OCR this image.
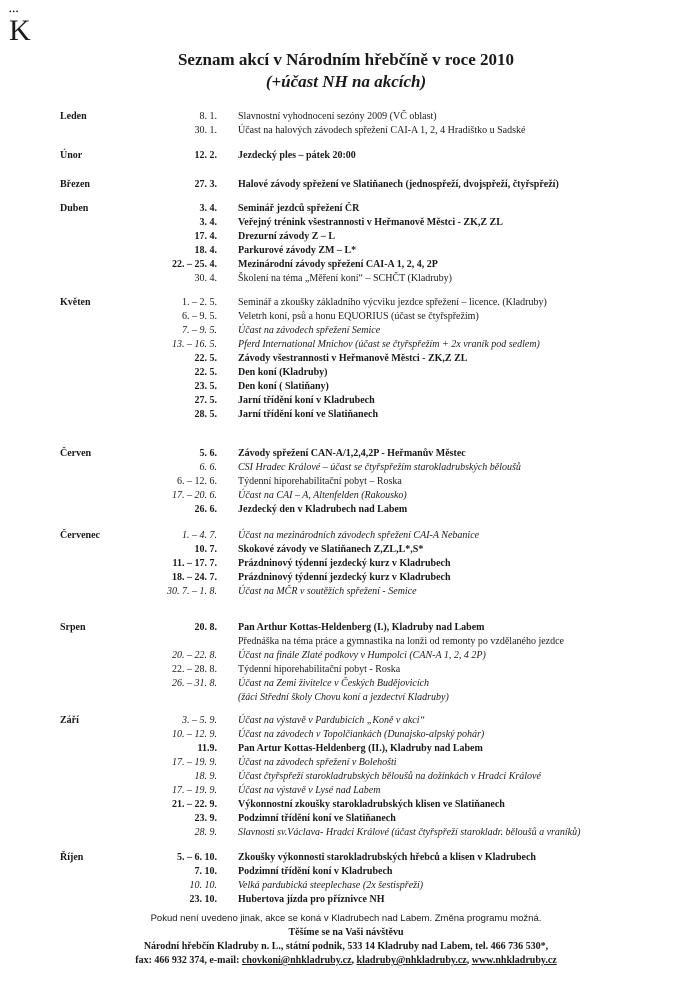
•••
K
Seznam akcí v Národním hřebčíně v roce 2010
(+účast NH na akcích)
Leden	8. 1. Slavnostní vyhodnocení sezóny 2009 (VČ oblast)
30. 1. Účast na halových závodech spřežení CAI-A 1, 2, 4 Hradištko u Sadské
Únor	12. 2. Jezdecký ples – pátek 20:00
Březen	27. 3. Halové závody spřežení ve Slatiňanech (jednospřeží, dvojspřeží, čtyřspřeží)
Duben	3. 4. Seminář jezdců spřežení ČR
3. 4. Veřejný trénink všestrannosti v Heřmanově Městci - ZK,Z ZL
17. 4. Drezurní závody Z – L
18. 4. Parkurové závody ZM – L*
22. – 25. 4. Mezinárodní závody spřežení CAI-A 1, 2, 4, 2P
30. 4. Školení na téma „Měření koní“ – SCHČT (Kladruby)
Květen	1. – 2. 5. Seminář a zkoušky základního výcviku jezdce spřežení – licence. (Kladruby)
6. – 9. 5. Veletrh koní, psů a honu EQUORIUS (účast se čtyřspřežím)
7. – 9. 5. Účast na závodech spřežení Semice
13. – 16. 5. Pferd International Mnichov (účast se čtyřspřežím + 2x vraník pod sedlem)
22. 5. Závody všestrannosti v Heřmanově Městci - ZK,Z ZL
22. 5. Den koní (Kladruby)
23. 5. Den koní ( Slatiňany)
27. 5. Jarní třídění koní v Kladrubech
28. 5. Jarní třídění koní ve Slatiňanech
Červen	5. 6. Závody spřežení CAN-A/1,2,4,2P - Heřmanův Městec
6. 6. CSI Hradec Králové – účast se čtyřspřežím starokladrubských běloušů
6. – 12. 6. Týdenní hiporehabilitační pobyt – Roska
17. – 20. 6. Účast na CAI – A, Altenfelden (Rakousko)
26. 6. Jezdecký den v Kladrubech nad Labem
Červenec	1. – 4. 7. Účast na mezinárodních závodech spřežení CAI-A Nebanice
10. 7. Skokové závody ve Slatiňanech Z,ZL,L*,S*
11. – 17. 7. Prázdninový týdenní jezdecký kurz v Kladrubech
18. – 24. 7. Prázdninový týdenní jezdecký kurz v Kladrubech
30. 7. – 1. 8. Účast na MČR v soutěžích spřežení - Semice
Srpen	20. 8. Pan Arthur Kottas-Heldenberg (I.), Kladruby nad Labem
Přednáška na téma práce a gymnastika na lonži od remonty po vzdělaného jezdce
20. – 22. 8. Účast na finále Zlaté podkovy v Humpolci (CAN-A 1, 2, 4 2P)
22. – 28. 8. Týdenní hiporehabilitační pobyt - Roska
26. – 31. 8. Účast na Zemi živitelce v Českých Budějovicích
(žáci Střední školy Chovu koní a jezdectví Kladruby)
Září	3. – 5. 9. Účast na výstavě v Pardubicích „Koně v akci“
10. – 12. 9. Účast na závodech v Topolčiankách (Dunajsko-alpský pohár)
11.9. Pan Artur Kottas-Heldenberg (II.), Kladruby nad Labem
17. – 19. 9. Účast na závodech spřežení v Bolehošti
18. 9. Účast čtyřspřeží starokladrubských běloušů na dožínkách v Hradci Králové
17. – 19. 9. Účast na výstavě v Lysé nad Labem
21. – 22. 9. Výkonnostní zkoušky starokladrubských klisen ve Slatiňanech
23. 9. Podzimní třídění koní ve Slatiňanech
28. 9. Slavnosti sv.Václava- Hradci Králové (účast čtyřspřeží starokladr. běloušů a vraníků)
Říjen	5. – 6. 10. Zkoušky výkonnosti starokladrubských hřebců a klisen v Kladrubech
7. 10. Podzimní třídění koní v Kladrubech
10. 10. Velká pardubická steeplechase (2x šestispřeží)
23. 10. Hubertova jízda pro příznivce NH
Pokud není uvedeno jinak, akce se koná v Kladrubech nad Labem. Změna programu možná.
Těšíme se na Vaši návštěvu
Národní hřebčín Kladruby n. L., státní podnik, 533 14 Kladruby nad Labem, tel. 466 736 530*,
fax: 466 932 374, e-mail: chovkoni@nhkladruby.cz, kladruby@nhkladruby.cz, www.nhkladruby.cz
